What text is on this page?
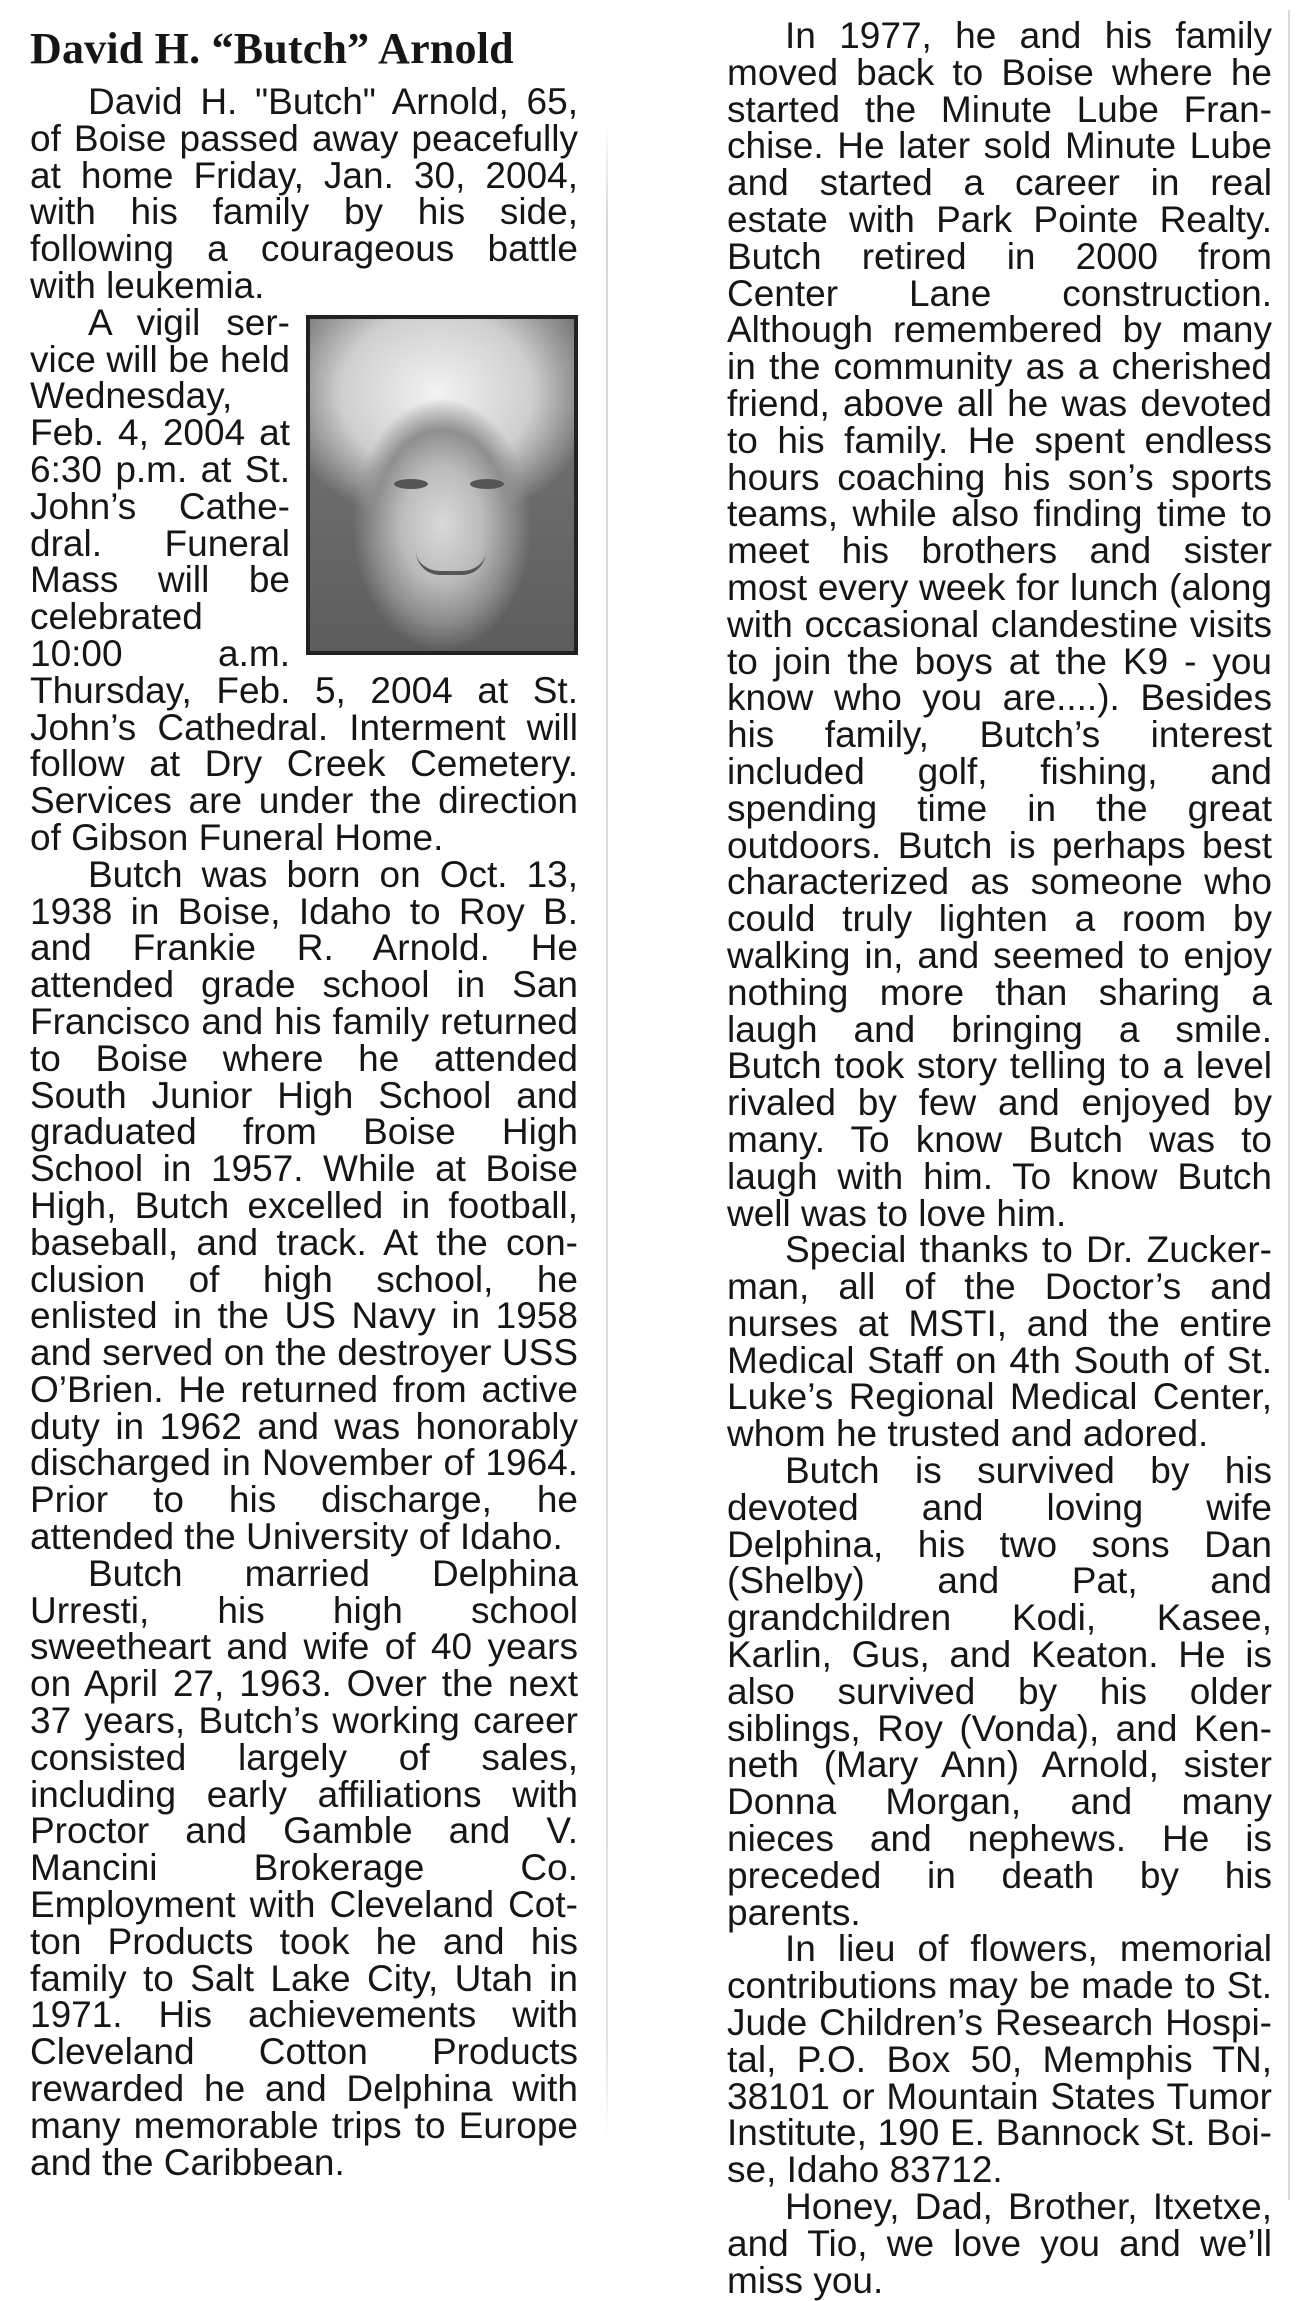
David H. “Butch” Arnold

David H. "Butch" Arnold, 65, of Boise passed away peacefully at home Friday, Jan. 30, 2004, with his family by his side, following a courageous battle with leukemia.

A vigil service will be held Wednesday, Feb. 4, 2004 at 6:30 p.m. at St. John’s Cathedral. Funeral Mass will be celebrated 10:00 a.m. Thursday, Feb. 5, 2004 at St. John’s Cathedral. Interment will follow at Dry Creek Cemetery. Services are under the direction of Gibson Funeral Home.

Butch was born on Oct. 13, 1938 in Boise, Idaho to Roy B. and Frankie R. Arnold. He attended grade school in San Francisco and his family returned to Boise where he attended South Junior High School and graduated from Boise High School in 1957. While at Boise High, Butch excelled in football, baseball, and track. At the conclusion of high school, he enlisted in the US Navy in 1958 and served on the destroyer USS O’Brien. He returned from active duty in 1962 and was honorably discharged in November of 1964. Prior to his discharge, he attended the University of Idaho.

Butch married Delphina Urresti, his high school sweetheart and wife of 40 years on April 27, 1963. Over the next 37 years, Butch’s working career consisted largely of sales, including early affiliations with Proctor and Gamble and V. Mancini Brokerage Co. Employment with Cleveland Cotton Products took he and his family to Salt Lake City, Utah in 1971. His achievements with Cleveland Cotton Products rewarded he and Delphina with many memorable trips to Europe and the Caribbean.

In 1977, he and his family moved back to Boise where he started the Minute Lube Franchise. He later sold Minute Lube and started a career in real estate with Park Pointe Realty. Butch retired in 2000 from Center Lane construction. Although remembered by many in the community as a cherished friend, above all he was devoted to his family. He spent endless hours coaching his son’s sports teams, while also finding time to meet his brothers and sister most every week for lunch (along with occasional clandestine visits to join the boys at the K9 - you know who you are....). Besides his family, Butch’s interest included golf, fishing, and spending time in the great outdoors. Butch is perhaps best characterized as someone who could truly lighten a room by walking in, and seemed to enjoy nothing more than sharing a laugh and bringing a smile. Butch took story telling to a level rivaled by few and enjoyed by many. To know Butch was to laugh with him. To know Butch well was to love him.

Special thanks to Dr. Zuckerman, all of the Doctor’s and nurses at MSTI, and the entire Medical Staff on 4th South of St. Luke’s Regional Medical Center, whom he trusted and adored.

Butch is survived by his devoted and loving wife Delphina, his two sons Dan (Shelby) and Pat, and grandchildren Kodi, Kasee, Karlin, Gus, and Keaton. He is also survived by his older siblings, Roy (Vonda), and Kenneth (Mary Ann) Arnold, sister Donna Morgan, and many nieces and nephews. He is preceded in death by his parents.

In lieu of flowers, memorial contributions may be made to St. Jude Children’s Research Hospital, P.O. Box 50, Memphis TN, 38101 or Mountain States Tumor Institute, 190 E. Bannock St. Boise, Idaho 83712.

Honey, Dad, Brother, Itxetxe, and Tio, we love you and we’ll miss you.
